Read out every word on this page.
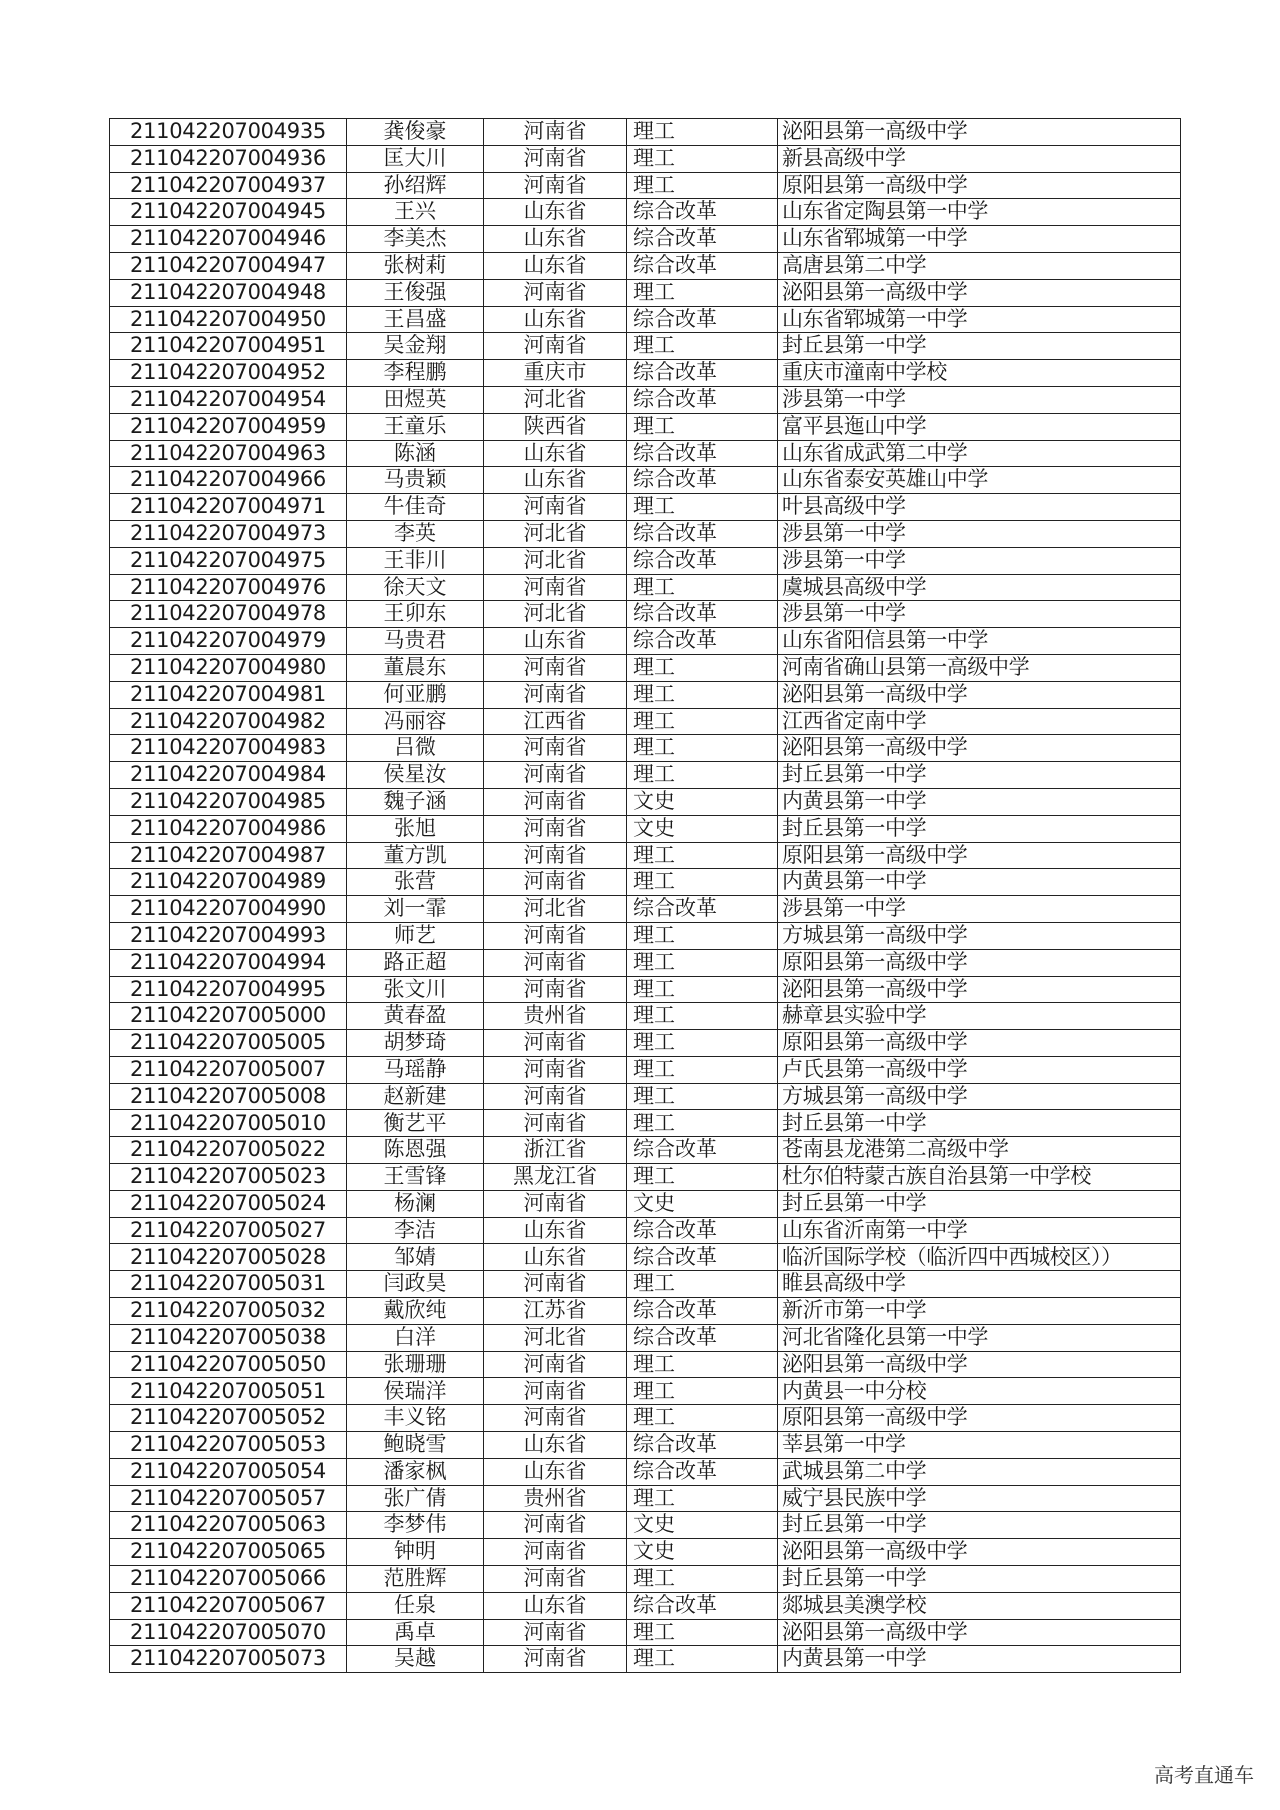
211042207004935	龚俊豪	河南省	理工	泌阳县第一高级中学
211042207004936	匡大川	河南省	理工	新县高级中学
211042207004937	孙绍辉	河南省	理工	原阳县第一高级中学
211042207004945	王兴	山东省	综合改革	山东省定陶县第一中学
211042207004946	李美杰	山东省	综合改革	山东省郓城第一中学
211042207004947	张树莉	山东省	综合改革	高唐县第二中学
211042207004948	王俊强	河南省	理工	泌阳县第一高级中学
211042207004950	王昌盛	山东省	综合改革	山东省郓城第一中学
211042207004951	吴金翔	河南省	理工	封丘县第一中学
211042207004952	李程鹏	重庆市	综合改革	重庆市潼南中学校
211042207004954	田煜英	河北省	综合改革	涉县第一中学
211042207004959	王童乐	陕西省	理工	富平县迤山中学
211042207004963	陈涵	山东省	综合改革	山东省成武第二中学
211042207004966	马贵颖	山东省	综合改革	山东省泰安英雄山中学
211042207004971	牛佳奇	河南省	理工	叶县高级中学
211042207004973	李英	河北省	综合改革	涉县第一中学
211042207004975	王非川	河北省	综合改革	涉县第一中学
211042207004976	徐天文	河南省	理工	虞城县高级中学
211042207004978	王卯东	河北省	综合改革	涉县第一中学
211042207004979	马贵君	山东省	综合改革	山东省阳信县第一中学
211042207004980	董晨东	河南省	理工	河南省确山县第一高级中学
211042207004981	何亚鹏	河南省	理工	泌阳县第一高级中学
211042207004982	冯丽容	江西省	理工	江西省定南中学
211042207004983	吕微	河南省	理工	泌阳县第一高级中学
211042207004984	侯星汝	河南省	理工	封丘县第一中学
211042207004985	魏子涵	河南省	文史	内黄县第一中学
211042207004986	张旭	河南省	文史	封丘县第一中学
211042207004987	董方凯	河南省	理工	原阳县第一高级中学
211042207004989	张营	河南省	理工	内黄县第一中学
211042207004990	刘一霏	河北省	综合改革	涉县第一中学
211042207004993	师艺	河南省	理工	方城县第一高级中学
211042207004994	路正超	河南省	理工	原阳县第一高级中学
211042207004995	张文川	河南省	理工	泌阳县第一高级中学
211042207005000	黄春盈	贵州省	理工	赫章县实验中学
211042207005005	胡梦琦	河南省	理工	原阳县第一高级中学
211042207005007	马瑶静	河南省	理工	卢氏县第一高级中学
211042207005008	赵新建	河南省	理工	方城县第一高级中学
211042207005010	衡艺平	河南省	理工	封丘县第一中学
211042207005022	陈恩强	浙江省	综合改革	苍南县龙港第二高级中学
211042207005023	王雪锋	黑龙江省	理工	杜尔伯特蒙古族自治县第一中学校
211042207005024	杨澜	河南省	文史	封丘县第一中学
211042207005027	李洁	山东省	综合改革	山东省沂南第一中学
211042207005028	邹婧	山东省	综合改革	临沂国际学校（临沂四中西城校区））
211042207005031	闫政昊	河南省	理工	睢县高级中学
211042207005032	戴欣纯	江苏省	综合改革	新沂市第一中学
211042207005038	白洋	河北省	综合改革	河北省隆化县第一中学
211042207005050	张珊珊	河南省	理工	泌阳县第一高级中学
211042207005051	侯瑞洋	河南省	理工	内黄县一中分校
211042207005052	丰义铭	河南省	理工	原阳县第一高级中学
211042207005053	鲍晓雪	山东省	综合改革	莘县第一中学
211042207005054	潘家枫	山东省	综合改革	武城县第二中学
211042207005057	张广倩	贵州省	理工	威宁县民族中学
211042207005063	李梦伟	河南省	文史	封丘县第一中学
211042207005065	钟明	河南省	文史	泌阳县第一高级中学
211042207005066	范胜辉	河南省	理工	封丘县第一中学
211042207005067	任泉	山东省	综合改革	郯城县美澳学校
211042207005070	禹卓	河南省	理工	泌阳县第一高级中学
211042207005073	吴越	河南省	理工	内黄县第一中学
高考直通车
